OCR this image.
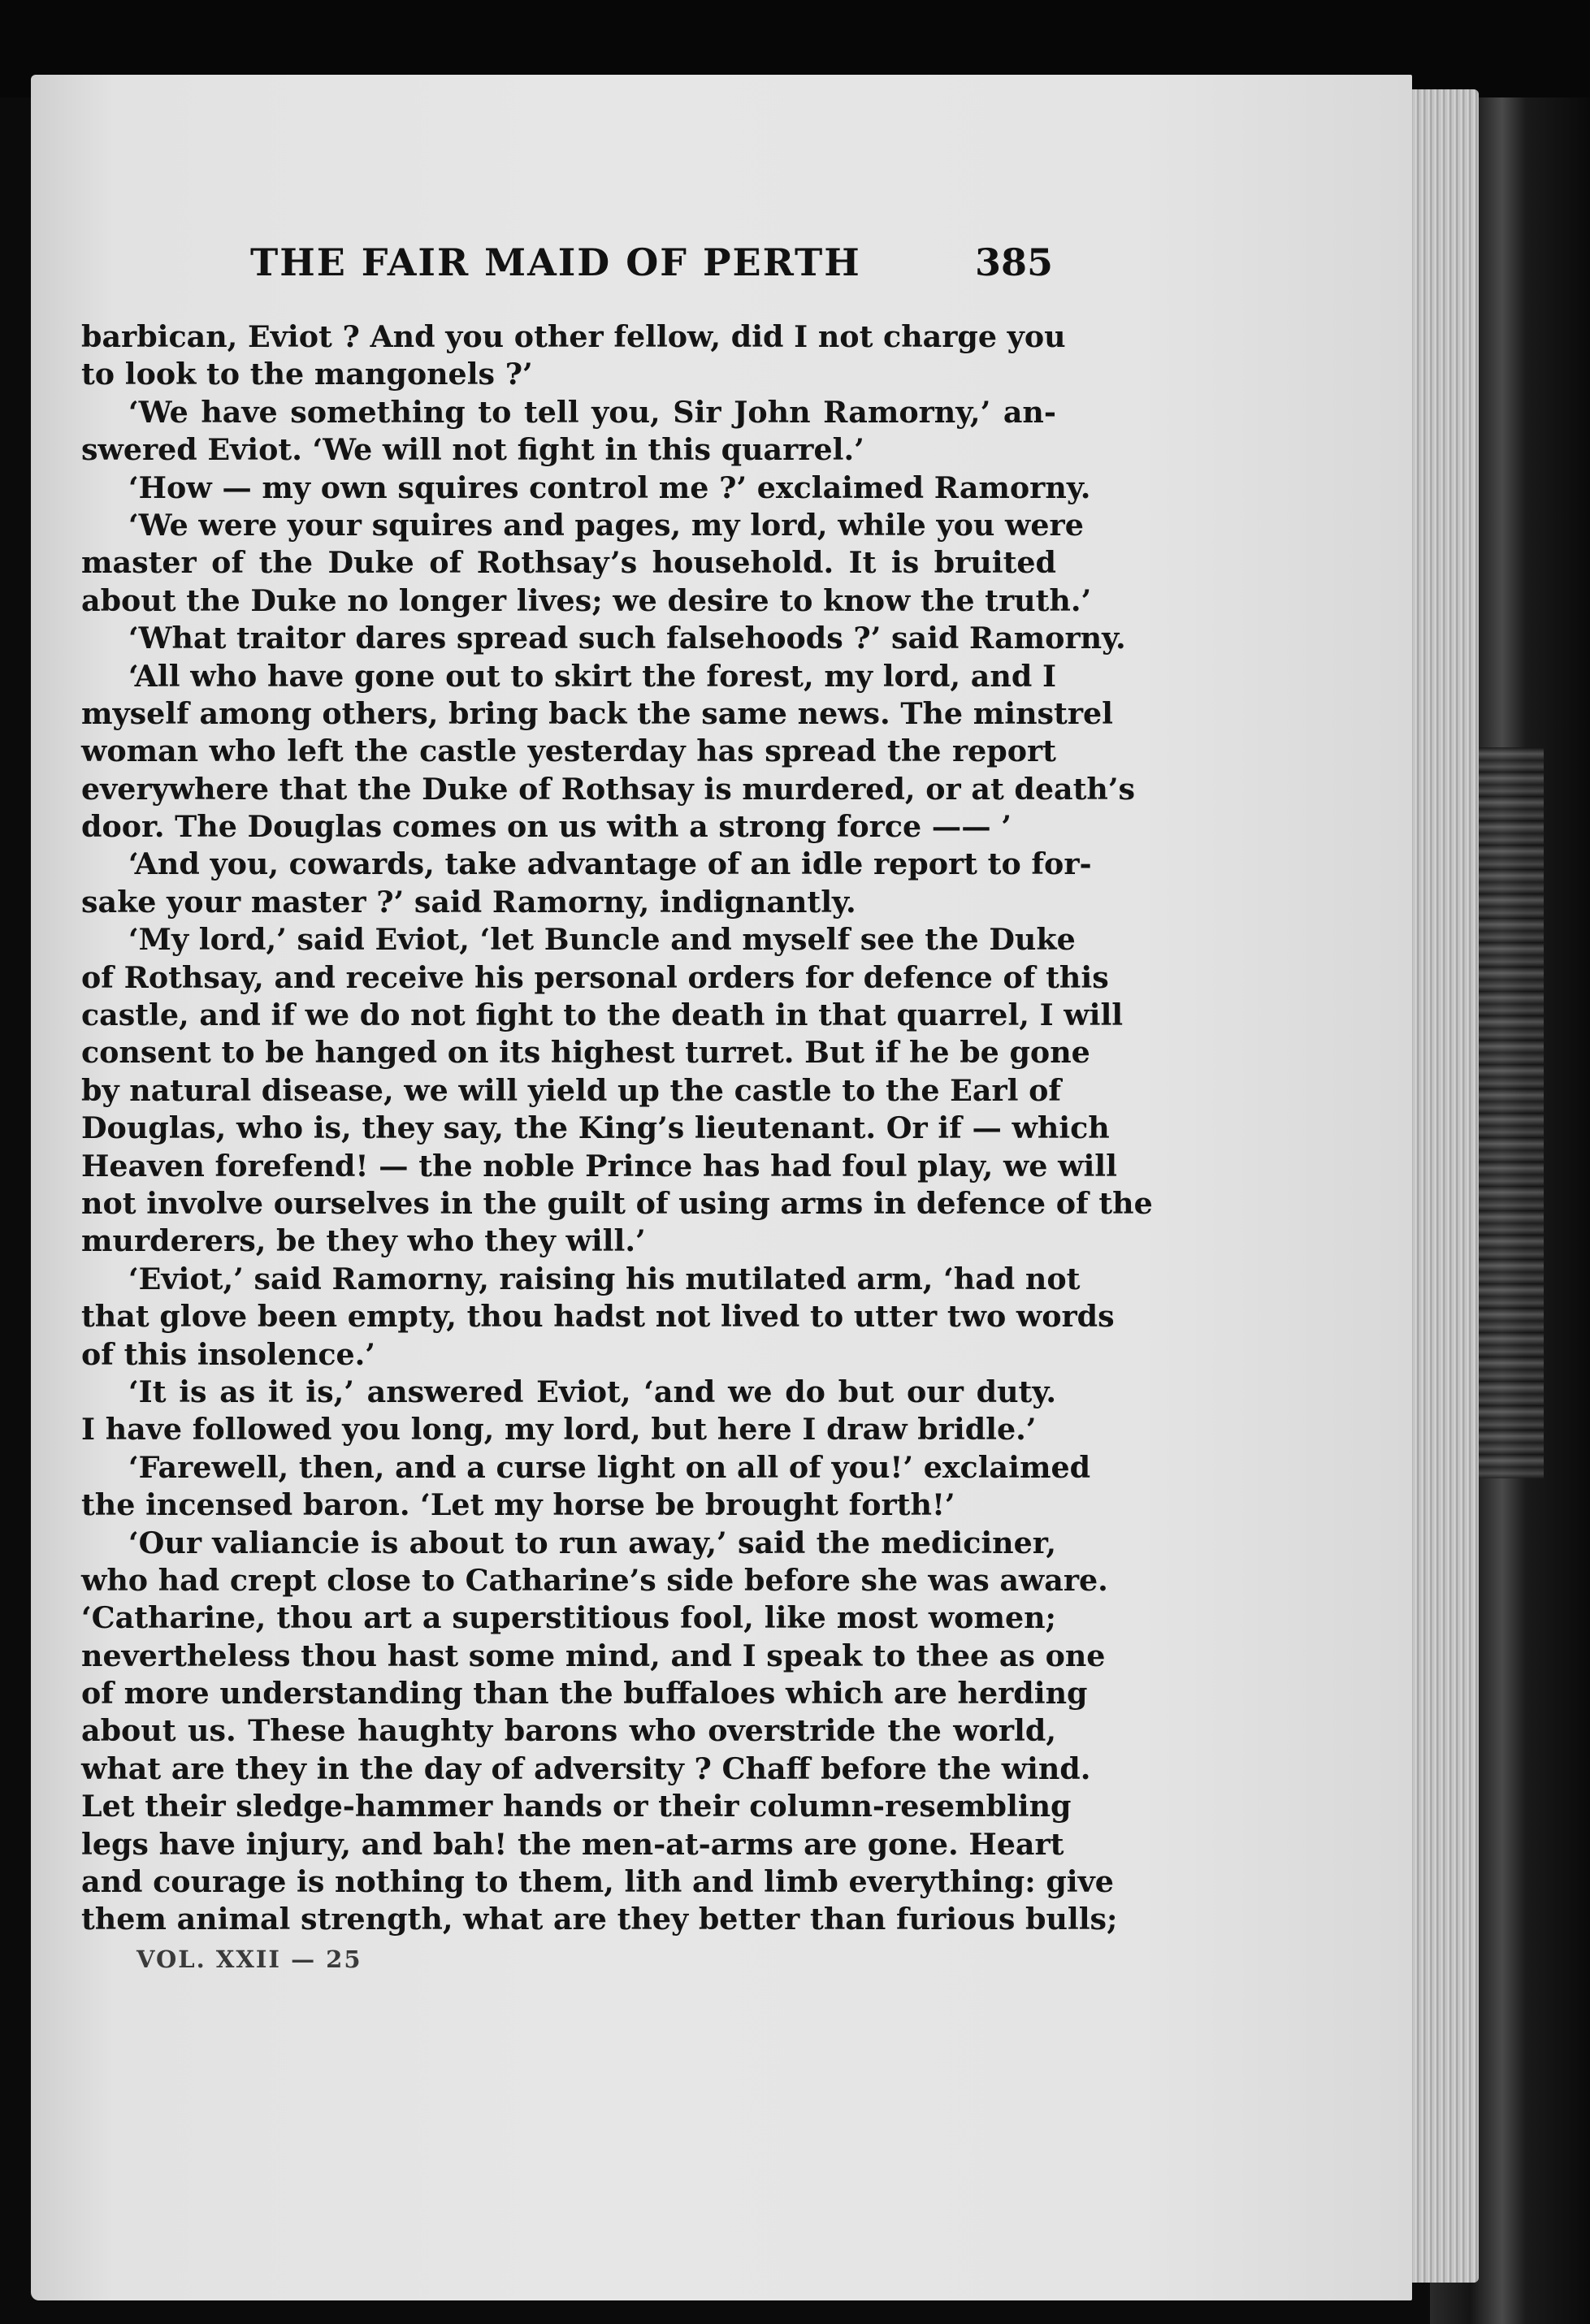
THE FAIR MAID OF PERTH	385
barbican, Eviot ? And you other fellow, did I not charge you
to look to the mangonels ?’
‘We have something to tell you, Sir John Ramorny,’ an-
swered Eviot. ‘We will not fight in this quarrel.’
‘How — my own squires control me ?’ exclaimed Ramorny.
‘We were your squires and pages, my lord, while you were
master of the Duke of Rothsay’s household. It is bruited
about the Duke no longer lives; we desire to know the truth.’
‘What traitor dares spread such falsehoods ?’ said Ramorny.
‘All who have gone out to skirt the forest, my lord, and I
myself among others, bring back the same news. The minstrel
woman who left the castle yesterday has spread the report
everywhere that the Duke of Rothsay is murdered, or at death’s
door. The Douglas comes on us with a strong force —— ’
‘And you, cowards, take advantage of an idle report to for-
sake your master ?’ said Ramorny, indignantly.
‘My lord,’ said Eviot, ‘let Buncle and myself see the Duke
of Rothsay, and receive his personal orders for defence of this
castle, and if we do not fight to the death in that quarrel, I will
consent to be hanged on its highest turret. But if he be gone
by natural disease, we will yield up the castle to the Earl of
Douglas, who is, they say, the King’s lieutenant. Or if — which
Heaven forefend! — the noble Prince has had foul play, we will
not involve ourselves in the guilt of using arms in defence of the
murderers, be they who they will.’
‘Eviot,’ said Ramorny, raising his mutilated arm, ‘had not
that glove been empty, thou hadst not lived to utter two words
of this insolence.’
‘It is as it is,’ answered Eviot, ‘and we do but our duty.
I have followed you long, my lord, but here I draw bridle.’
‘Farewell, then, and a curse light on all of you!’ exclaimed
the incensed baron. ‘Let my horse be brought forth!’
‘Our valiancie is about to run away,’ said the mediciner,
who had crept close to Catharine’s side before she was aware.
‘Catharine, thou art a superstitious fool, like most women;
nevertheless thou hast some mind, and I speak to thee as one
of more understanding than the buffaloes which are herding
about us. These haughty barons who overstride the world,
what are they in the day of adversity ? Chaff before the wind.
Let their sledge-hammer hands or their column-resembling
legs have injury, and bah! the men-at-arms are gone. Heart
and courage is nothing to them, lith and limb everything: give
them animal strength, what are they better than furious bulls;
VOL. XXII — 25
